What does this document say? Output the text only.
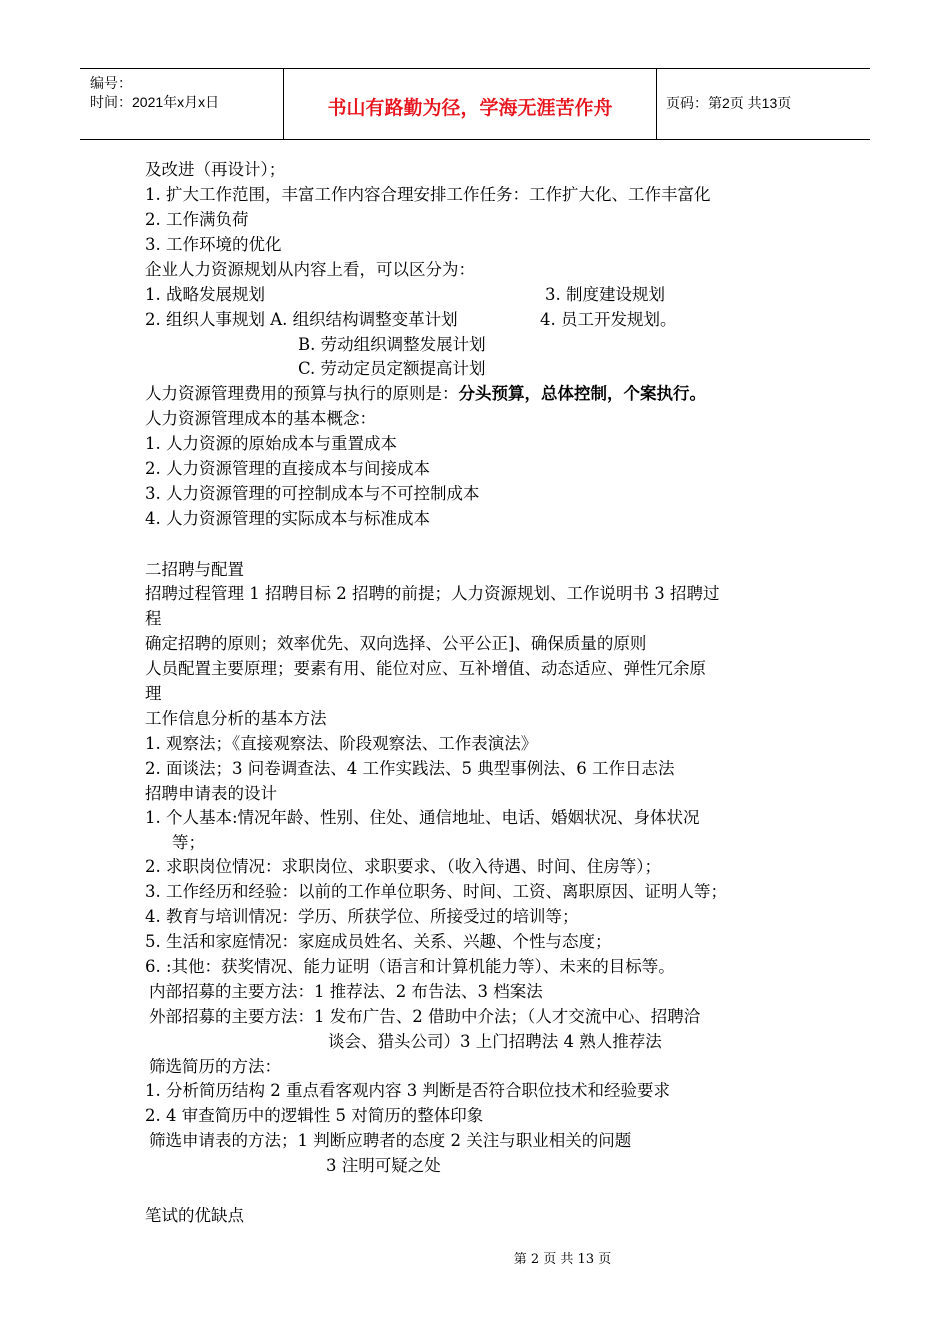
编号：
时间：2021年x月x日	书山有路勤为径，学海无涯苦作舟	页码：第2页 共13页
及改进（再设计）；
1. 扩大工作范围，丰富工作内容合理安排工作任务：工作扩大化、工作丰富化
2. 工作满负荷
3. 工作环境的优化
企业人力资源规划从内容上看，可以区分为：
1. 战略发展规划	3. 制度建设规划
2. 组织人事规划 A. 组织结构调整变革计划	4. 员工开发规划。
B. 劳动组织调整发展计划
C. 劳动定员定额提高计划
人力资源管理费用的预算与执行的原则是：分头预算，总体控制，个案执行。
人力资源管理成本的基本概念：
1. 人力资源的原始成本与重置成本
2. 人力资源管理的直接成本与间接成本
3. 人力资源管理的可控制成本与不可控制成本
4. 人力资源管理的实际成本与标准成本
二招聘与配置
招聘过程管理 1 招聘目标 2 招聘的前提；人力资源规划、工作说明书 3 招聘过
程
确定招聘的原则；效率优先、双向选择、公平公正]、确保质量的原则
人员配置主要原理；要素有用、能位对应、互补增值、动态适应、弹性冗余原
理
工作信息分析的基本方法
1. 观察法；《直接观察法、阶段观察法、工作表演法》
2. 面谈法；3 问卷调查法、4 工作实践法、5 典型事例法、6 工作日志法
招聘申请表的设计
1. 个人基本:情况年龄、性别、住处、通信地址、电话、婚姻状况、身体状况
等；
2. 求职岗位情况：求职岗位、求职要求、（收入待遇、时间、住房等）；
3. 工作经历和经验：以前的工作单位职务、时间、工资、离职原因、证明人等；
4. 教育与培训情况：学历、所获学位、所接受过的培训等；
5. 生活和家庭情况：家庭成员姓名、关系、兴趣、个性与态度；
6. :其他：获奖情况、能力证明（语言和计算机能力等）、未来的目标等。
内部招募的主要方法：1 推荐法、2 布告法、3 档案法
外部招募的主要方法：1 发布广告、2 借助中介法；（人才交流中心、招聘洽
谈会、猎头公司）3 上门招聘法 4 熟人推荐法
筛选简历的方法：
1. 分析简历结构 2 重点看客观内容 3 判断是否符合职位技术和经验要求
2. 4 审查简历中的逻辑性 5 对简历的整体印象
筛选申请表的方法；1 判断应聘者的态度 2 关注与职业相关的问题
3 注明可疑之处
笔试的优缺点
第 2 页 共 13 页
